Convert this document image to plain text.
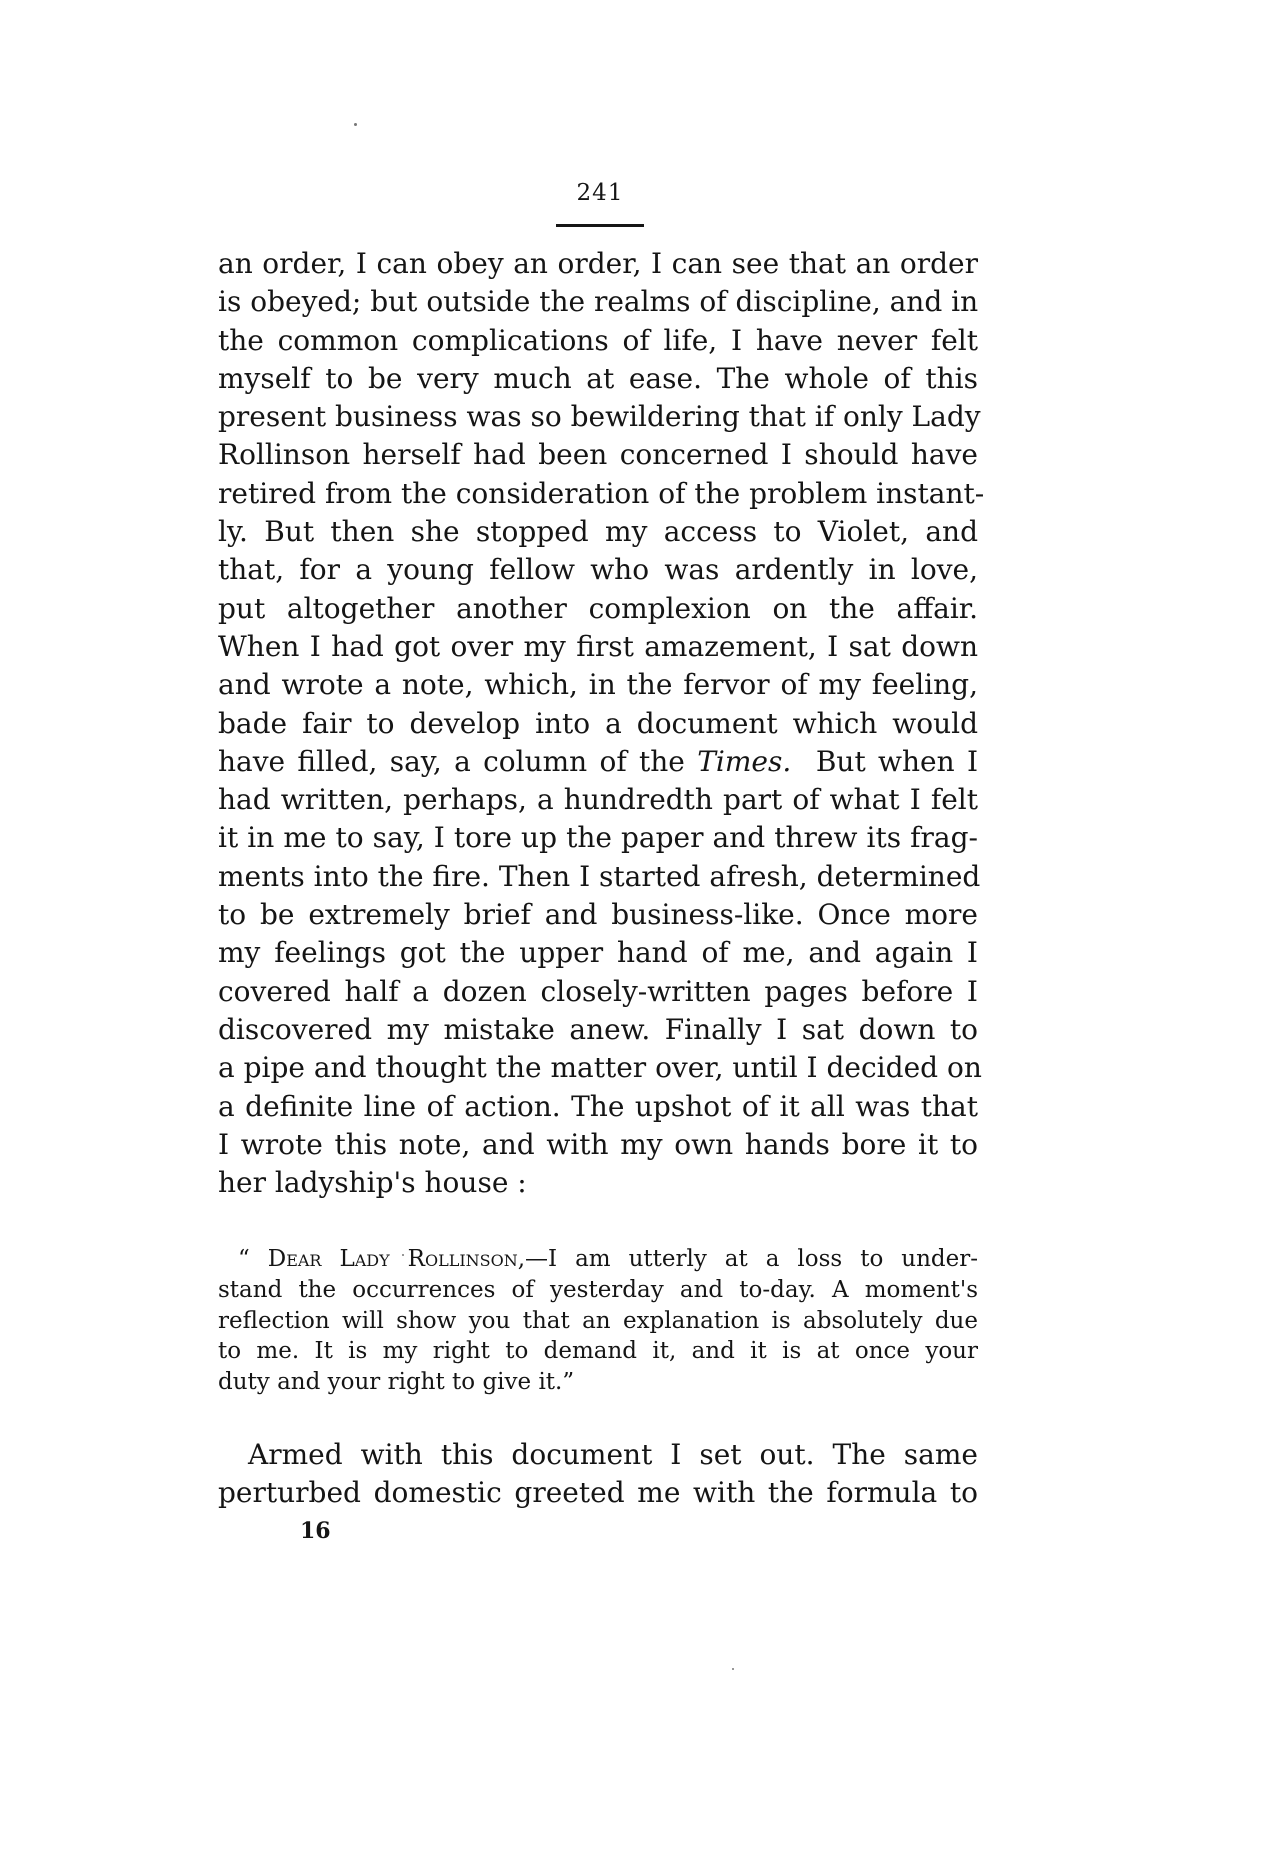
241
an order, I can obey an order, I can see that an order
is obeyed; but outside the realms of discipline, and in
the common complications of life, I have never felt
myself to be very much at ease. The whole of this
present business was so bewildering that if only Lady
Rollinson herself had been concerned I should have
retired from the consideration of the problem instant-
ly. But then she stopped my access to Violet, and
that, for a young fellow who was ardently in love,
put altogether another complexion on the affair.
When I had got over my first amazement, I sat down
and wrote a note, which, in the fervor of my feeling,
bade fair to develop into a document which would
have filled, say, a column of the Times. But when I
had written, perhaps, a hundredth part of what I felt
it in me to say, I tore up the paper and threw its frag-
ments into the fire. Then I started afresh, determined
to be extremely brief and business-like. Once more
my feelings got the upper hand of me, and again I
covered half a dozen closely-written pages before I
discovered my mistake anew. Finally I sat down to
a pipe and thought the matter over, until I decided on
a definite line of action. The upshot of it all was that
I wrote this note, and with my own hands bore it to
her ladyship's house :
“ Dear Lady Rollinson,—I am utterly at a loss to under-
stand the occurrences of yesterday and to-day. A moment's
reflection will show you that an explanation is absolutely due
to me. It is my right to demand it, and it is at once your
duty and your right to give it.”
Armed with this document I set out. The same
perturbed domestic greeted me with the formula to
16
